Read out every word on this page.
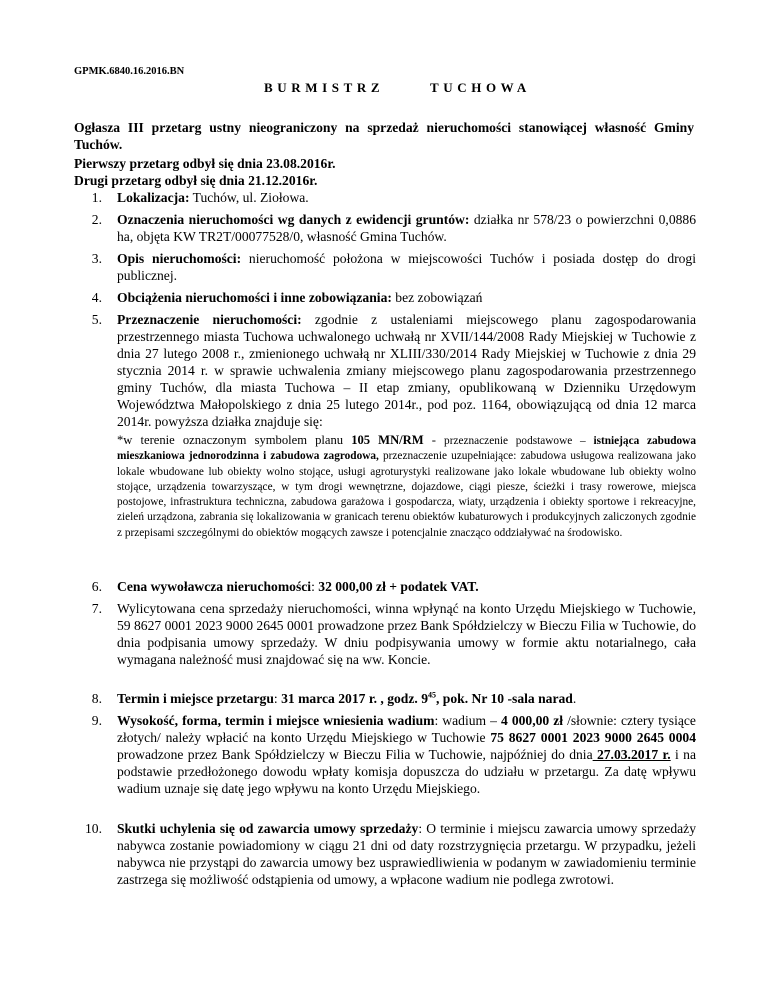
GPMK.6840.16.2016.BN
BURMISTRZ	TUCHOWA
Ogłasza III przetarg ustny nieograniczony na sprzedaż nieruchomości stanowiącej własność Gminy Tuchów.
Pierwszy przetarg odbył się dnia 23.08.2016r.
Drugi przetarg odbył się dnia 21.12.2016r.
1. Lokalizacja: Tuchów, ul. Ziołowa.
2. Oznaczenia nieruchomości wg danych z ewidencji gruntów: działka nr 578/23 o powierzchni 0,0886 ha, objęta KW TR2T/00077528/0, własność Gmina Tuchów.
3. Opis nieruchomości: nieruchomość położona w miejscowości Tuchów i posiada dostęp do drogi publicznej.
4. Obciążenia nieruchomości i inne zobowiązania: bez zobowiązań
5. Przeznaczenie nieruchomości: zgodnie z ustaleniami miejscowego planu zagospodarowania przestrzennego miasta Tuchowa uchwalonego uchwałą nr XVII/144/2008 Rady Miejskiej w Tuchowie z dnia 27 lutego 2008 r., zmienionego uchwałą nr XLIII/330/2014 Rady Miejskiej w Tuchowie z dnia 29 stycznia 2014 r. w sprawie uchwalenia zmiany miejscowego planu zagospodarowania przestrzennego gminy Tuchów, dla miasta Tuchowa – II etap zmiany, opublikowaną w Dzienniku Urzędowym Województwa Małopolskiego z dnia 25 lutego 2014r., pod poz. 1164, obowiązującą od dnia 12 marca 2014r. powyższa działka znajduje się:
*w terenie oznaczonym symbolem planu 105 MN/RM - przeznaczenie podstawowe – istniejąca zabudowa mieszkaniowa jednorodzinna i zabudowa zagrodowa, przeznaczenie uzupełniające: zabudowa usługowa realizowana jako lokale wbudowane lub obiekty wolno stojące, usługi agroturystyki realizowane jako lokale wbudowane lub obiekty wolno stojące, urządzenia towarzyszące, w tym drogi wewnętrzne, dojazdowe, ciągi piesze, ścieżki i trasy rowerowe, miejsca postojowe, infrastruktura techniczna, zabudowa garażowa i gospodarcza, wiaty, urządzenia i obiekty sportowe i rekreacyjne, zieleń urządzona, zabrania się lokalizowania w granicach terenu obiektów kubaturowych i produkcyjnych zaliczonych zgodnie z przepisami szczególnymi do obiektów mogących zawsze i potencjalnie znacząco oddziaływać na środowisko.
6. Cena wywoławcza nieruchomości: 32 000,00 zł + podatek VAT.
7. Wylicytowana cena sprzedaży nieruchomości, winna wpłynąć na konto Urzędu Miejskiego w Tuchowie, 59 8627 0001 2023 9000 2645 0001 prowadzone przez Bank Spółdzielczy w Bieczu Filia w Tuchowie, do dnia podpisania umowy sprzedaży. W dniu podpisywania umowy w formie aktu notarialnego, cała wymagana należność musi znajdować się na ww. Koncie.
8. Termin i miejsce przetargu: 31 marca 2017 r. , godz. $9^{45}$, pok. Nr 10 -sala narad.
9. Wysokość, forma, termin i miejsce wniesienia wadium: wadium – 4 000,00 zł /słownie: cztery tysiące złotych/ należy wpłacić na konto Urzędu Miejskiego w Tuchowie 75 8627 0001 2023 9000 2645 0004 prowadzone przez Bank Spółdzielczy w Bieczu Filia w Tuchowie, najpóźniej do dnia 27.03.2017 r. i na podstawie przedłożonego dowodu wpłaty komisja dopuszcza do udziału w przetargu. Za datę wpływu wadium uznaje się datę jego wpływu na konto Urzędu Miejskiego.
10. Skutki uchylenia się od zawarcia umowy sprzedaży: O terminie i miejscu zawarcia umowy sprzedaży nabywca zostanie powiadomiony w ciągu 21 dni od daty rozstrzygnięcia przetargu. W przypadku, jeżeli nabywca nie przystąpi do zawarcia umowy bez usprawiedliwienia w podanym w zawiadomieniu terminie zastrzega się możliwość odstąpienia od umowy, a wpłacone wadium nie podlega zwrotowi.
